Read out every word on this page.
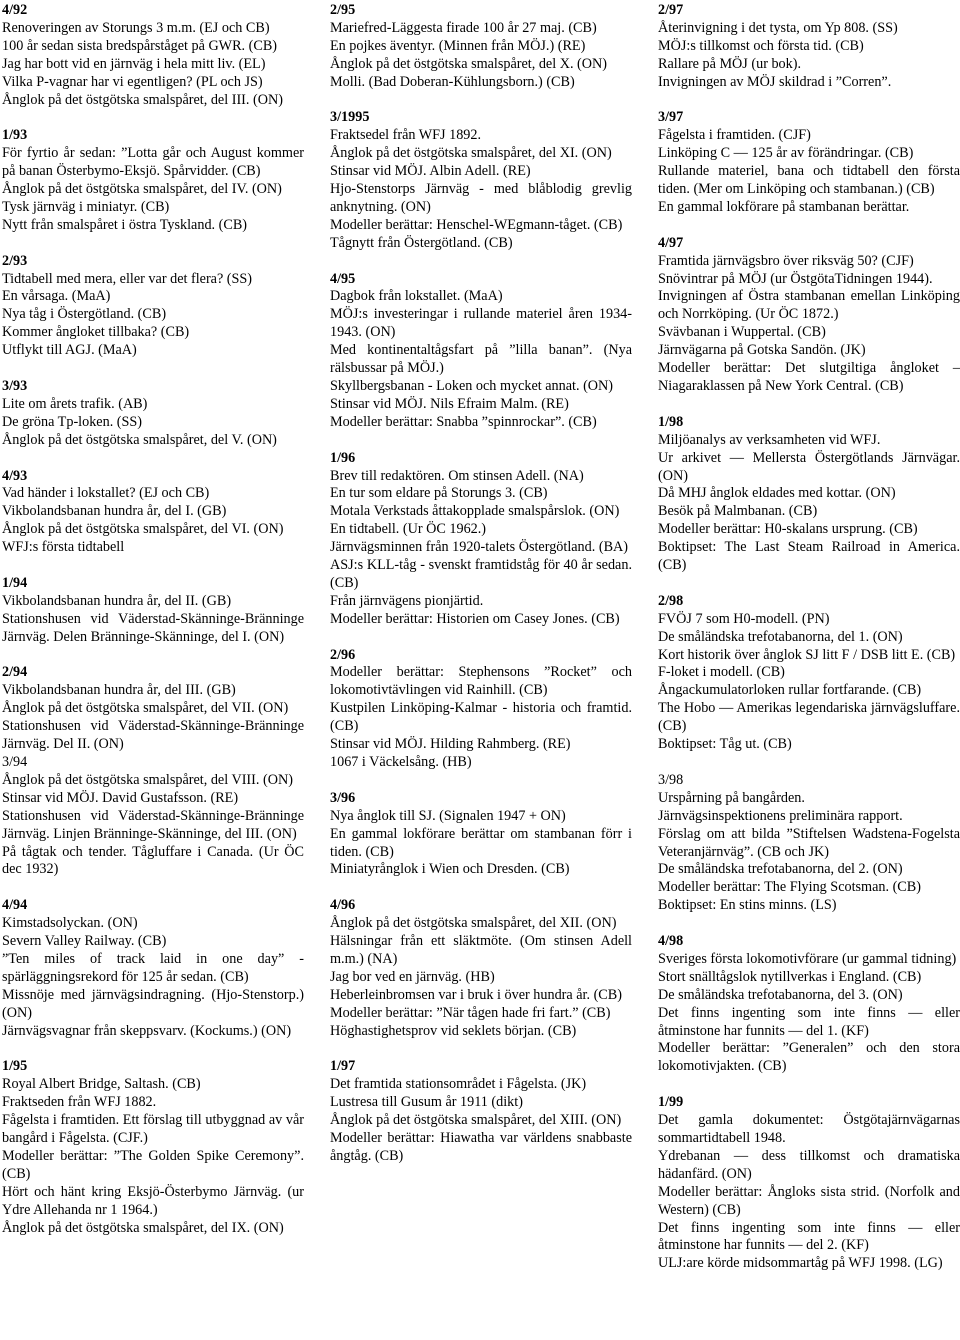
4/92
Renoveringen av Storungs 3 m.m. (EJ och CB)
100 år sedan sista bredspårståget på GWR. (CB)
Jag har bott vid en järnväg i hela mitt liv. (EL)
Vilka P-vagnar har vi egentligen? (PL och JS)
Ånglok på det östgötska smalspåret, del III. (ON)
1/93
För fyrtio år sedan: ”Lotta går och August kommer på banan Österbymo-Eksjö. Spårvidder. (CB)
Ånglok på det östgötska smalspåret, del IV. (ON)
Tysk järnväg i miniatyr. (CB)
Nytt från smalspåret i östra Tyskland. (CB)
2/93
Tidtabell med mera, eller var det flera? (SS)
En vårsaga. (MaA)
Nya tåg i Östergötland. (CB)
Kommer ångloket tillbaka? (CB)
Utflykt till AGJ. (MaA)
3/93
Lite om årets trafik. (AB)
De gröna Tp-loken. (SS)
Ånglok på det östgötska smalspåret, del V. (ON)
4/93
Vad händer i lokstallet? (EJ och CB)
Vikbolandsbanan hundra år, del I. (GB)
Ånglok på det östgötska smalspåret, del VI. (ON)
WFJ:s första tidtabell
1/94
Vikbolandsbanan hundra år, del II. (GB)
Stationshusen vid Väderstad-Skänninge-Bränninge Järnväg. Delen Bränninge-Skänninge, del I. (ON)
2/94
Vikbolandsbanan hundra år, del III. (GB)
Ånglok på det östgötska smalspåret, del VII. (ON)
Stationshusen vid Väderstad-Skänninge-Bränninge Järnväg. Del II. (ON)
3/94
Ånglok på det östgötska smalspåret, del VIII. (ON)
Stinsar vid MÖJ. David Gustafsson. (RE)
Stationshusen vid Väderstad-Skänninge-Bränninge Järnväg. Linjen Bränninge-Skänninge, del III. (ON)
På tågtak och tender. Tågluffare i Canada. (Ur ÖC dec 1932)
4/94
Kimstadsolyckan. (ON)
Severn Valley Railway. (CB)
”Ten miles of track laid in one day” - spärläggningsrekord för 125 år sedan. (CB)
Missnöje med järnvägsindragning. (Hjo-Stenstorp.) (ON)
Järnvägsvagnar från skeppsvarv. (Kockums.) (ON)
1/95
Royal Albert Bridge, Saltash. (CB)
Fraktseden från WFJ 1882.
Fågelsta i framtiden. Ett förslag till utbyggnad av vår bangård i Fågelsta. (CJF.)
Modeller berättar: ”The Golden Spike Ceremony”. (CB)
Hört och hänt kring Eksjö-Österbymo Järnväg. (ur Ydre Allehanda nr 1 1964.)
Ånglok på det östgötska smalspåret, del IX. (ON)
2/95
Mariefred-Läggesta firade 100 år 27 maj. (CB)
En pojkes äventyr. (Minnen från MÖJ.) (RE)
Ånglok på det östgötska smalspåret, del X. (ON)
Molli. (Bad Doberan-Kühlungsborn.) (CB)
3/1995
Fraktsedel från WFJ 1892.
Ånglok på det östgötska smalspåret, del XI. (ON)
Stinsar vid MÖJ. Albin Adell. (RE)
Hjo-Stenstorps Järnväg - med blåblodig grevlig anknytning. (ON)
Modeller berättar: Henschel-WEgmann-tåget. (CB)
Tågnytt från Östergötland. (CB)
4/95
Dagbok från lokstallet. (MaA)
MÖJ:s investeringar i rullande materiel åren 1934-1943. (ON)
Med kontinentaltågsfart på ”lilla banan”. (Nya rälsbussar på MÖJ.)
Skyllbergsbanan - Loken och mycket annat. (ON)
Stinsar vid MÖJ. Nils Efraim Malm. (RE)
Modeller berättar: Snabba ”spinnrockar”. (CB)
1/96
Brev till redaktören. Om stinsen Adell. (NA)
En tur som eldare på Storungs 3. (CB)
Motala Verkstads åttakopplade smalspårslok. (ON)
En tidtabell. (Ur ÖC 1962.)
Järnvägsminnen från 1920-talets Östergötland. (BA)
ASJ:s KLL-tåg - svenskt framtidståg för 40 år sedan. (CB)
Från järnvägens pionjärtid.
Modeller berättar: Historien om Casey Jones. (CB)
2/96
Modeller berättar: Stephensons ”Rocket” och lokomotivtävlingen vid Rainhill. (CB)
Kustpilen Linköping-Kalmar - historia och framtid. (CB)
Stinsar vid MÖJ. Hilding Rahmberg. (RE)
1067 i Väckelsång. (HB)
3/96
Nya ånglok till SJ. (Signalen 1947 + ON)
En gammal lokförare berättar om stambanan förr i tiden. (CB)
Miniatyrånglok i Wien och Dresden. (CB)
4/96
Ånglok på det östgötska smalspåret, del XII. (ON)
Hälsningar från ett släktmöte. (Om stinsen Adell m.m.) (NA)
Jag bor ved en järnväg. (HB)
Heberleinbromsen var i bruk i över hundra år. (CB)
Modeller berättar: ”När tågen hade fri fart.” (CB)
Höghastighetsprov vid seklets början. (CB)
1/97
Det framtida stationsområdet i Fågelsta. (JK)
Lustresa till Gusum år 1911 (dikt)
Ånglok på det östgötska smalspåret, del XIII. (ON)
Modeller berättar: Hiawatha var världens snabbaste ångtåg. (CB)
2/97
Återinvigning i det tysta, om Yp 808. (SS)
MÖJ:s tillkomst och första tid. (CB)
Rallare på MÖJ (ur bok).
Invigningen av MÖJ skildrad i ”Corren”.
3/97
Fågelsta i framtiden. (CJF)
Linköping C — 125 år av förändringar. (CB)
Rullande materiel, bana och tidtabell den första tiden. (Mer om Linköping och stambanan.) (CB)
En gammal lokförare på stambanan berättar.
4/97
Framtida järnvägsbro över riksväg 50? (CJF)
Snövintrar på MÖJ (ur ÖstgötaTidningen 1944).
Invigningen af Östra stambanan emellan Linköping och Norrköping. (Ur ÖC 1872.)
Svävbanan i Wuppertal. (CB)
Järnvägarna på Gotska Sandön. (JK)
Modeller berättar: Det slutgiltiga ångloket – Niagaraklassen på New York Central. (CB)
1/98
Miljöanalys av verksamheten vid WFJ.
Ur arkivet — Mellersta Östergötlands Järnvägar. (ON)
Då MHJ ånglok eldades med kottar. (ON)
Besök på Malmbanan. (CB)
Modeller berättar: H0-skalans ursprung. (CB)
Boktipset: The Last Steam Railroad in America. (CB)
2/98
FVÖJ 7 som H0-modell. (PN)
De småländska trefotabanorna, del 1. (ON)
Kort historik över ånglok SJ litt F / DSB litt E. (CB)
F-loket i modell. (CB)
Ångackumulatorloken rullar fortfarande. (CB)
The Hobo — Amerikas legendariska järnvägsluffare. (CB)
Boktipset: Tåg ut. (CB)
3/98
Urspårning på bangården.
Järnvägsinspektionens preliminära rapport.
Förslag om att bilda ”Stiftelsen Wadstena-Fogelsta Veteranjärnväg”. (CB och JK)
De småländska trefotabanorna, del 2. (ON)
Modeller berättar: The Flying Scotsman. (CB)
Boktipset: En stins minns. (LS)
4/98
Sveriges första lokomotivförare (ur gammal tidning)
Stort snälltågslok nytillverkas i England. (CB)
De småländska trefotabanorna, del 3. (ON)
Det finns ingenting som inte finns — eller åtminstone har funnits — del 1. (KF)
Modeller berättar: ”Generalen” och den stora lokomotivjakten. (CB)
1/99
Det gamla dokumentet: Östgötajärnvägarnas sommartidtabell 1948.
Ydrebanan — dess tillkomst och dramatiska hädanfärd. (ON)
Modeller berättar: Ångloks sista strid. (Norfolk and Western) (CB)
Det finns ingenting som inte finns — eller åtminstone har funnits — del 2. (KF)
ULJ:are körde midsommartåg på WFJ 1998. (LG)
